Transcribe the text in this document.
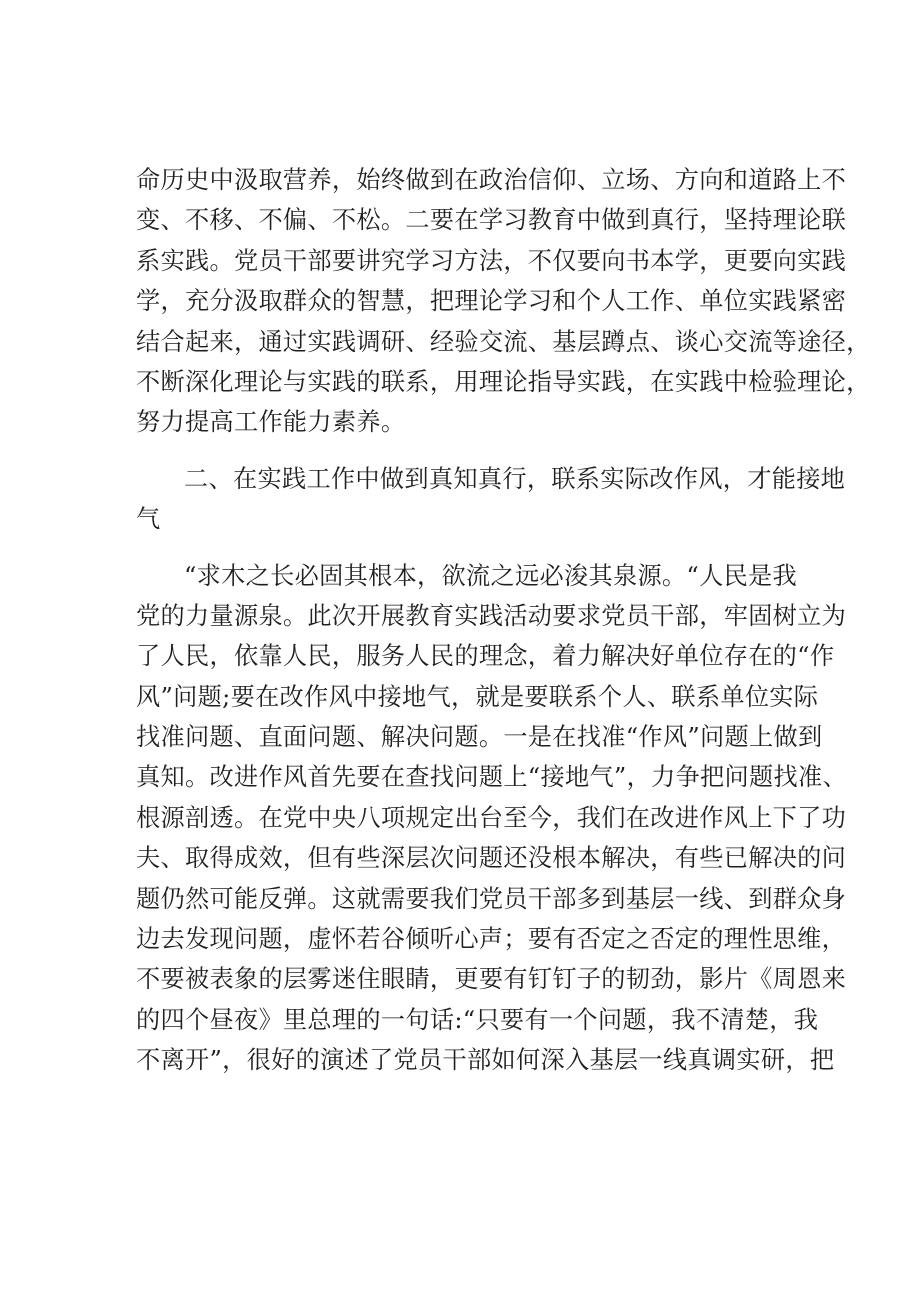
命历史中汲取营养，始终做到在政治信仰、立场、方向和道路上不
变、不移、不偏、不松。二要在学习教育中做到真行，坚持理论联
系实践。党员干部要讲究学习方法，不仅要向书本学，更要向实践
学，充分汲取群众的智慧，把理论学习和个人工作、单位实践紧密
结合起来，通过实践调研、经验交流、基层蹲点、谈心交流等途径，
不断深化理论与实践的联系，用理论指导实践，在实践中检验理论，
努力提高工作能力素养。
二、在实践工作中做到真知真行，联系实际改作风，才能接地
气
“求木之长必固其根本，欲流之远必浚其泉源。“人民是我
党的力量源泉。此次开展教育实践活动要求党员干部，牢固树立为
了人民，依靠人民，服务人民的理念，着力解决好单位存在的“作
风”问题;要在改作风中接地气，就是要联系个人、联系单位实际
找准问题、直面问题、解决问题。一是在找准“作风”问题上做到
真知。改进作风首先要在查找问题上“接地气”，力争把问题找准、
根源剖透。在党中央八项规定出台至今，我们在改进作风上下了功
夫、取得成效，但有些深层次问题还没根本解决，有些已解决的问
题仍然可能反弹。这就需要我们党员干部多到基层一线、到群众身
边去发现问题，虚怀若谷倾听心声；要有否定之否定的理性思维，
不要被表象的层雾迷住眼睛，更要有钉钉子的韧劲，影片《周恩来
的四个昼夜》里总理的一句话:“只要有一个问题，我不清楚，我
不离开”，很好的演述了党员干部如何深入基层一线真调实研，把
